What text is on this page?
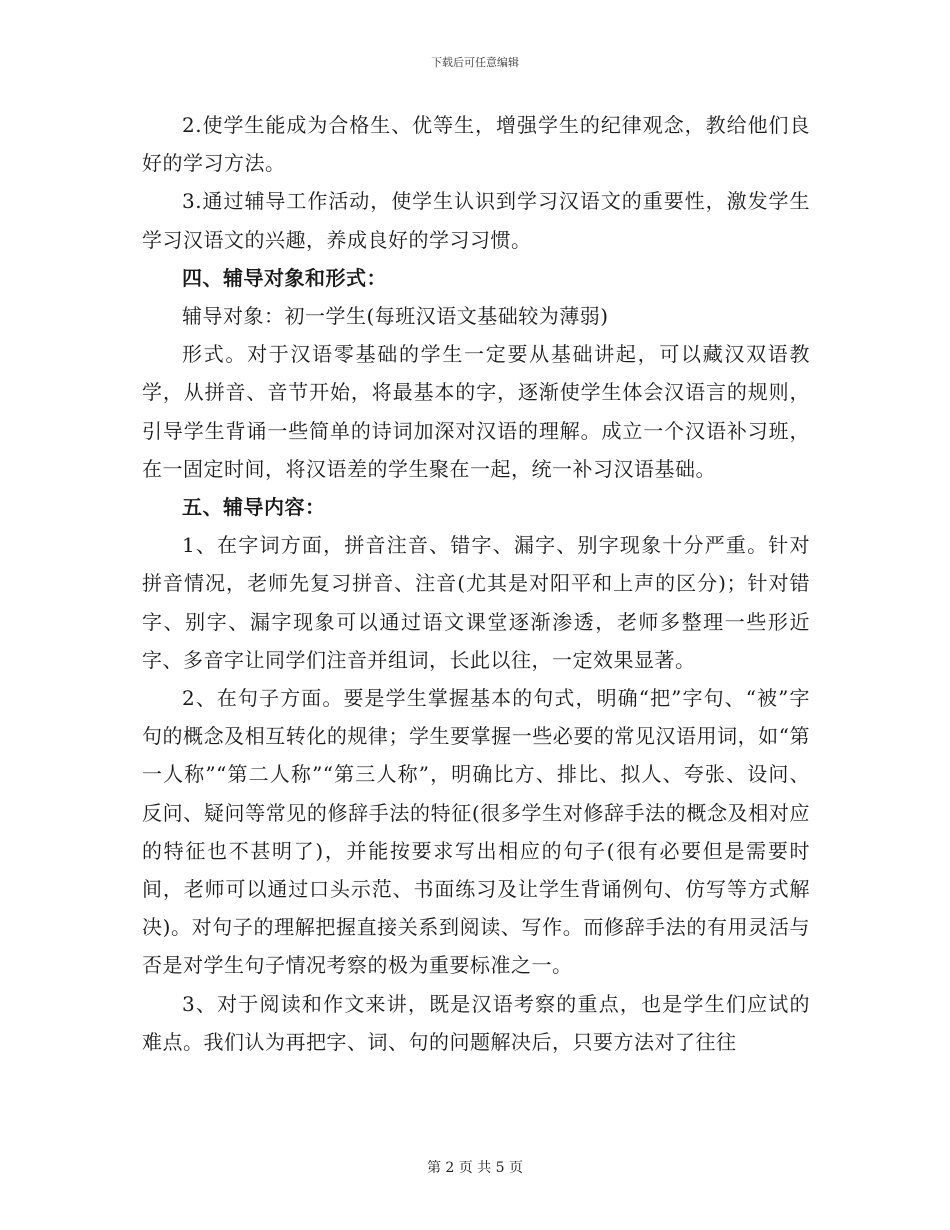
下载后可任意编辑

2.使学生能成为合格生、优等生，增强学生的纪律观念，教给他们良好的学习方法。

3.通过辅导工作活动，使学生认识到学习汉语文的重要性，激发学生学习汉语文的兴趣，养成良好的学习习惯。

四、辅导对象和形式：

辅导对象：初一学生(每班汉语文基础较为薄弱)

形式。对于汉语零基础的学生一定要从基础讲起，可以藏汉双语教学，从拼音、音节开始，将最基本的字，逐渐使学生体会汉语言的规则，引导学生背诵一些简单的诗词加深对汉语的理解。成立一个汉语补习班，在一固定时间，将汉语差的学生聚在一起，统一补习汉语基础。

五、辅导内容：

1、在字词方面，拼音注音、错字、漏字、别字现象十分严重。针对拼音情况，老师先复习拼音、注音(尤其是对阳平和上声的区分)；针对错字、别字、漏字现象可以通过语文课堂逐渐渗透，老师多整理一些形近字、多音字让同学们注音并组词，长此以往，一定效果显著。

2、在句子方面。要是学生掌握基本的句式，明确“把”字句、“被”字句的概念及相互转化的规律；学生要掌握一些必要的常见汉语用词，如“第一人称”“第二人称”“第三人称”，明确比方、排比、拟人、夸张、设问、反问、疑问等常见的修辞手法的特征(很多学生对修辞手法的概念及相对应的特征也不甚明了)，并能按要求写出相应的句子(很有必要但是需要时间，老师可以通过口头示范、书面练习及让学生背诵例句、仿写等方式解决)。对句子的理解把握直接关系到阅读、写作。而修辞手法的有用灵活与否是对学生句子情况考察的极为重要标准之一。

3、对于阅读和作文来讲，既是汉语考察的重点，也是学生们应试的难点。我们认为再把字、词、句的问题解决后，只要方法对了往往

第 2 页 共 5 页
